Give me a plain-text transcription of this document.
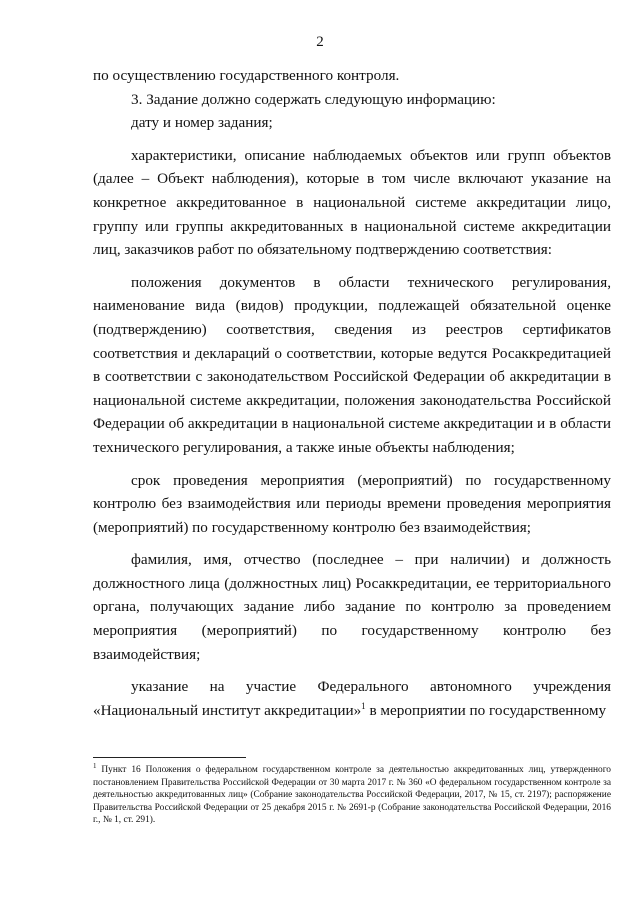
2

по осуществлению государственного контроля.

3. Задание должно содержать следующую информацию:

дату и номер задания;

характеристики, описание наблюдаемых объектов или групп объектов (далее – Объект наблюдения), которые в том числе включают указание на конкретное аккредитованное в национальной системе аккредитации лицо, группу или группы аккредитованных в национальной системе аккредитации лиц, заказчиков работ по обязательному подтверждению соответствия:

положения документов в области технического регулирования, наименование вида (видов) продукции, подлежащей обязательной оценке (подтверждению) соответствия, сведения из реестров сертификатов соответствия и деклараций о соответствии, которые ведутся Росаккредитацией в соответствии с законодательством Российской Федерации об аккредитации в национальной системе аккредитации, положения законодательства Российской Федерации об аккредитации в национальной системе аккредитации и в области технического регулирования, а также иные объекты наблюдения;

срок проведения мероприятия (мероприятий) по государственному контролю без взаимодействия или периоды времени проведения мероприятия (мероприятий) по государственному контролю без взаимодействия;

фамилия, имя, отчество (последнее – при наличии) и должность должностного лица (должностных лиц) Росаккредитации, ее территориального органа, получающих задание либо задание по контролю за проведением мероприятия (мероприятий) по государственному контролю без взаимодействия;

указание на участие Федерального автономного учреждения «Национальный институт аккредитации»$^1$ в мероприятии по государственному

$^1$ Пункт 16 Положения о федеральном государственном контроле за деятельностью аккредитованных лиц, утвержденного постановлением Правительства Российской Федерации от 30 марта 2017 г. № 360 «О федеральном государственном контроле за деятельностью аккредитованных лиц» (Собрание законодательства Российской Федерации, 2017, № 15, ст. 2197); распоряжение Правительства Российской Федерации от 25 декабря 2015 г. № 2691-р (Собрание законодательства Российской Федерации, 2016 г., № 1, ст. 291).
